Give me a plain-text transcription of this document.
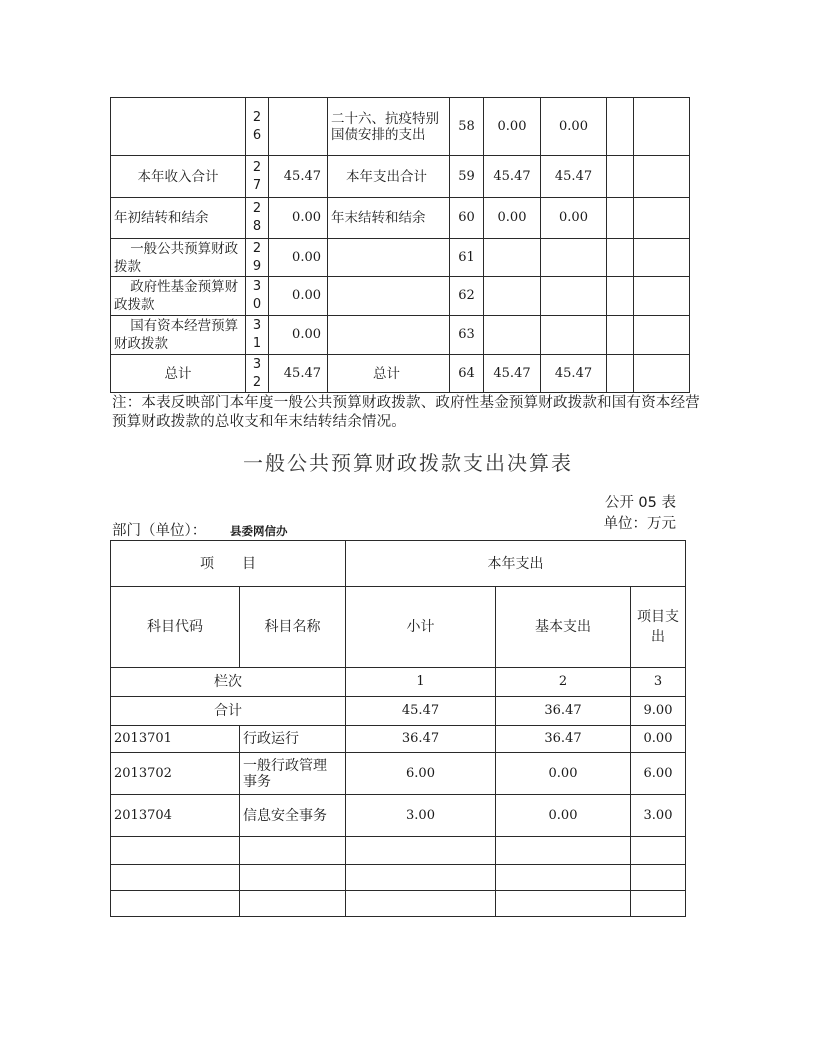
	26		二十六、抗疫特别国债安排的支出	58	0.00	0.00		
本年收入合计	27	45.47	本年支出合计	59	45.47	45.47		
年初结转和结余	28	0.00	年末结转和结余	60	0.00	0.00		
一般公共预算财政拨款	29	0.00		61				
政府性基金预算财政拨款	30	0.00		62				
国有资本经营预算财政拨款	31	0.00		63				
总计	32	45.47	总计	64	45.47	45.47		
注：本表反映部门本年度一般公共预算财政拨款、政府性基金预算财政拨款和国有资本经营预算财政拨款的总收支和年末结转结余情况。
一般公共预算财政拨款支出决算表
公开 05 表
单位：万元
部门（单位）： 县委网信办
项　　目		本年支出		
科目代码	科目名称	小计	基本支出	项目支出
栏次		1	2	3
合计		45.47	36.47	9.00
2013701	行政运行	36.47	36.47	0.00
2013702	一般行政管理事务	6.00	0.00	6.00
2013704	信息安全事务	3.00	0.00	3.00
